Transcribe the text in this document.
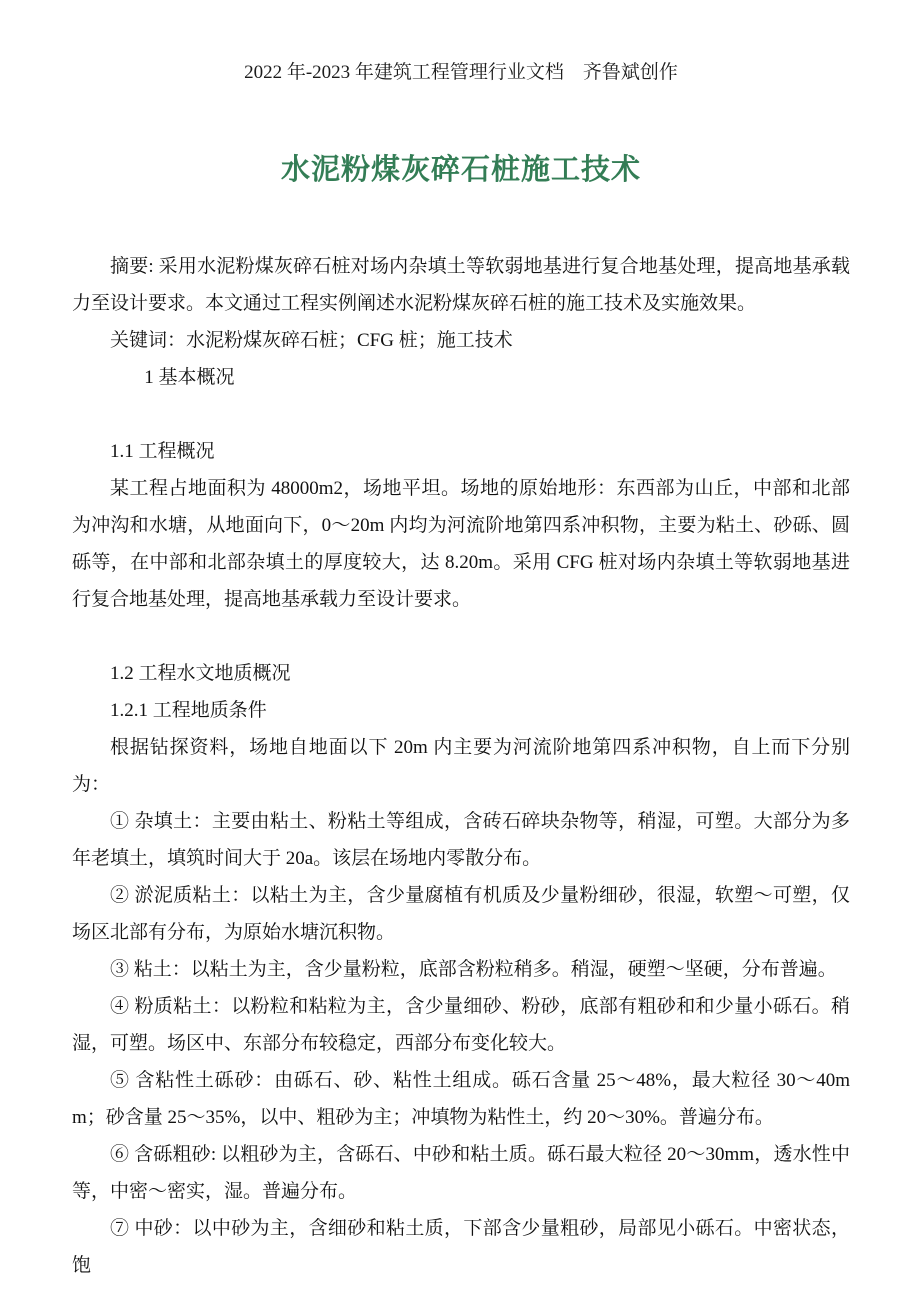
2022 年-2023 年建筑工程管理行业文档　齐鲁斌创作
水泥粉煤灰碎石桩施工技术

摘要: 采用水泥粉煤灰碎石桩对场内杂填土等软弱地基进行复合地基处理，提高地基承载力至设计要求。本文通过工程实例阐述水泥粉煤灰碎石桩的施工技术及实施效果。

关键词：水泥粉煤灰碎石桩；CFG 桩；施工技术

1 基本概况

1.1 工程概况

某工程占地面积为 48000m2，场地平坦。场地的原始地形：东西部为山丘，中部和北部为冲沟和水塘，从地面向下，0～20m 内均为河流阶地第四系冲积物，主要为粘土、砂砾、圆砾等，在中部和北部杂填土的厚度较大，达 8.20m。采用 CFG 桩对场内杂填土等软弱地基进行复合地基处理，提高地基承载力至设计要求。

1.2 工程水文地质概况

1.2.1 工程地质条件

根据钻探资料，场地自地面以下 20m 内主要为河流阶地第四系冲积物，自上而下分别为：

① 杂填土：主要由粘土、粉粘土等组成，含砖石碎块杂物等，稍湿，可塑。大部分为多年老填土，填筑时间大于 20a。该层在场地内零散分布。

② 淤泥质粘土：以粘土为主，含少量腐植有机质及少量粉细砂，很湿，软塑～可塑，仅场区北部有分布，为原始水塘沉积物。

③ 粘土：以粘土为主，含少量粉粒，底部含粉粒稍多。稍湿，硬塑～坚硬，分布普遍。

④ 粉质粘土：以粉粒和粘粒为主，含少量细砂、粉砂，底部有粗砂和和少量小砾石。稍湿，可塑。场区中、东部分布较稳定，西部分布变化较大。

⑤ 含粘性土砾砂：由砾石、砂、粘性土组成。砾石含量 25～48%，最大粒径 30～40mm；砂含量 25～35%，以中、粗砂为主；冲填物为粘性土，约 20～30%。普遍分布。

⑥ 含砾粗砂: 以粗砂为主，含砾石、中砂和粘土质。砾石最大粒径 20～30mm，透水性中等，中密～密实，湿。普遍分布。

⑦ 中砂：以中砂为主，含细砂和粘土质，下部含少量粗砂，局部见小砾石。中密状态，饱
